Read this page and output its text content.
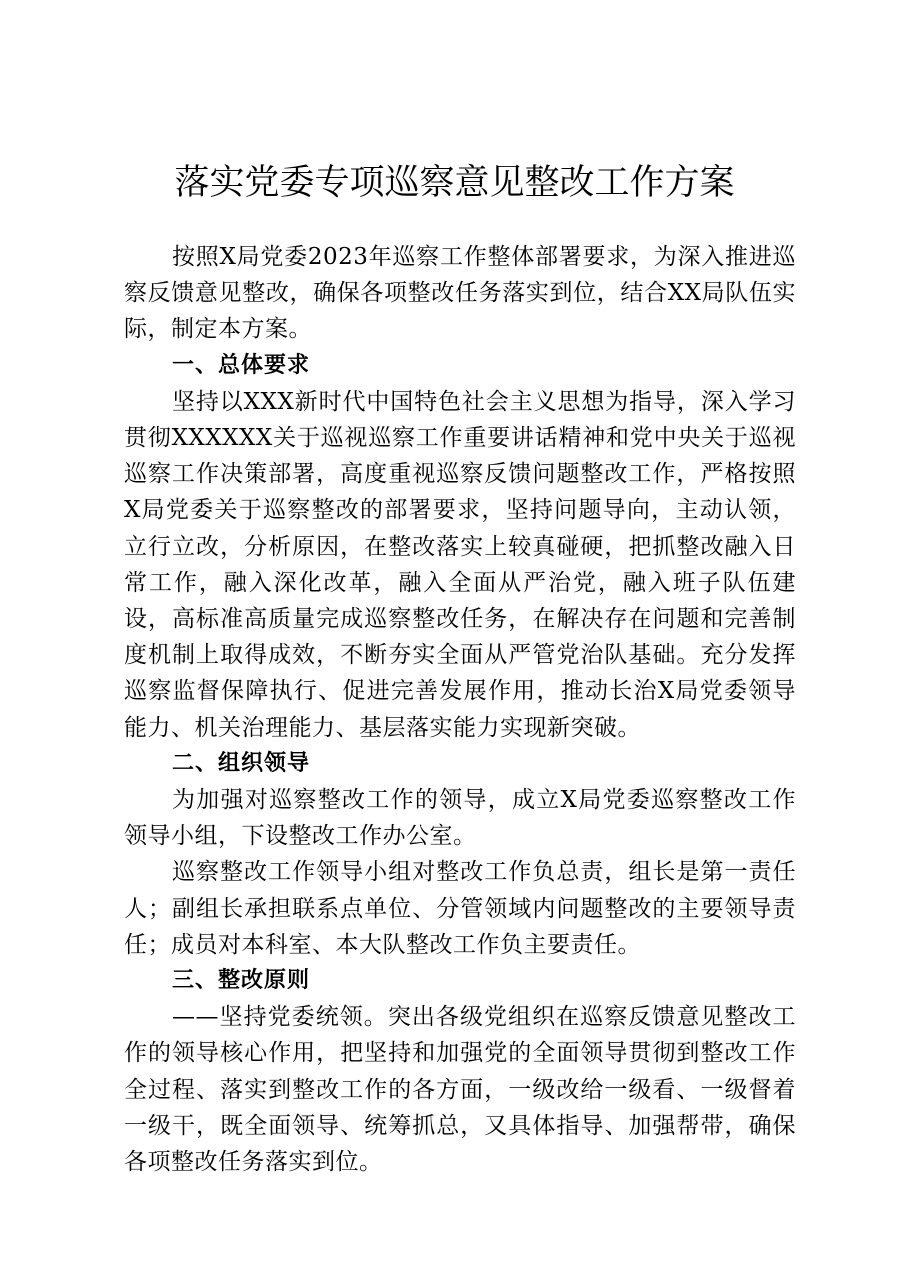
落实党委专项巡察意见整改工作方案

按照X局党委2023年巡察工作整体部署要求，为深入推进巡察反馈意见整改，确保各项整改任务落实到位，结合XX局队伍实际，制定本方案。

一、总体要求

坚持以XXX新时代中国特色社会主义思想为指导，深入学习贯彻XXXXXX关于巡视巡察工作重要讲话精神和党中央关于巡视巡察工作决策部署，高度重视巡察反馈问题整改工作，严格按照X局党委关于巡察整改的部署要求，坚持问题导向，主动认领，立行立改，分析原因，在整改落实上较真碰硬，把抓整改融入日常工作，融入深化改革，融入全面从严治党，融入班子队伍建设，高标准高质量完成巡察整改任务，在解决存在问题和完善制度机制上取得成效，不断夯实全面从严管党治队基础。充分发挥巡察监督保障执行、促进完善发展作用，推动长治X局党委领导能力、机关治理能力、基层落实能力实现新突破。

二、组织领导

为加强对巡察整改工作的领导，成立X局党委巡察整改工作领导小组，下设整改工作办公室。

巡察整改工作领导小组对整改工作负总责，组长是第一责任人；副组长承担联系点单位、分管领域内问题整改的主要领导责任；成员对本科室、本大队整改工作负主要责任。

三、整改原则

——坚持党委统领。突出各级党组织在巡察反馈意见整改工作的领导核心作用，把坚持和加强党的全面领导贯彻到整改工作全过程、落实到整改工作的各方面，一级改给一级看、一级督着一级干，既全面领导、统筹抓总，又具体指导、加强帮带，确保各项整改任务落实到位。
